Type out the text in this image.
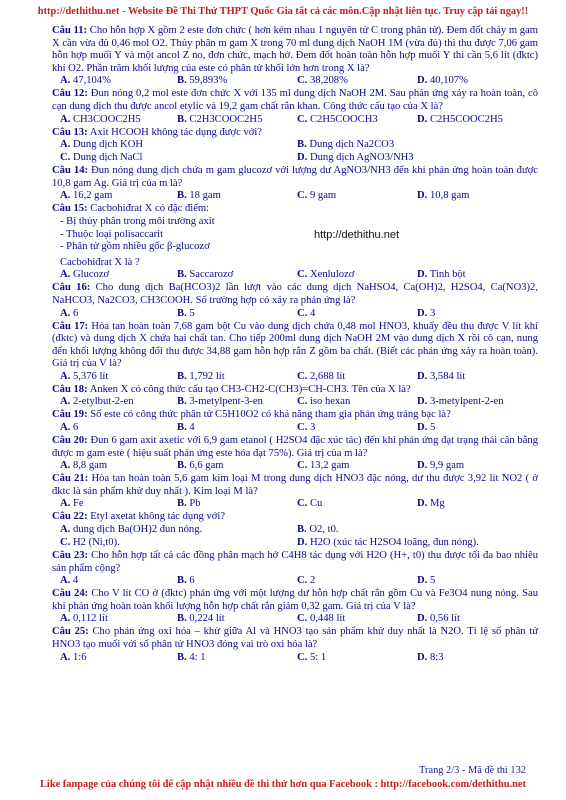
http://dethithu.net - Website Đề Thi Thử THPT Quốc Gia tất cả các môn.Cập nhật liên tục. Truy cập tải ngay!!

Câu 11: Cho hỗn hợp X gồm 2 este đơn chức ( hơn kém nhau 1 nguyên tử C trong phân tử). Đem đốt cháy m gam X cần vừa đủ 0,46 mol O2. Thủy phân m gam X trong 70 ml dung dịch NaOH 1M (vừa đủ) thì thu được 7,06 gam hỗn hợp muối Y và một ancol Z no, đơn chức, mạch hở. Đem đốt hoàn toàn hỗn hợp muối Y thì cần 5,6 lít (đktc) khí O2. Phần trăm khối lượng của este có phân tử khối lớn hơn trong X là?

A. 47,104%	B. 59,893%	C. 38,208%	D. 40,107%

Câu 12: Đun nóng 0,2 mol este đơn chức X với 135 ml dung dịch NaOH 2M. Sau phản ứng xảy ra hoàn toàn, cô cạn dung dịch thu được ancol etylic và 19,2 gam chất rắn khan. Công thức cấu tạo của X là?

A. CH3COOC2H5	B. C2H3COOC2H5	C. C2H5COOCH3	D. C2H5COOC2H5

Câu 13: Axit HCOOH không tác dụng được với?

A. Dung dịch KOH	B. Dung dịch Na2CO3
C. Dung dịch NaCl	D. Dung dịch AgNO3/NH3

Câu 14: Đun nóng dung dịch chứa m gam glucozơ với lượng dư AgNO3/NH3 đến khi phản ứng hoàn toàn được 10,8 gam Ag. Giá trị của m là?

A. 16,2 gam	B. 18 gam	C. 9 gam	D. 10,8 gam

Câu 15: Cacbohiđrat X có đặc điểm:

- Bị thủy phân trong môi trường axit

- Thuộc loại polisaccarit

- Phân tử gồm nhiều gốc β-glucozơ

http://dethithu.net

Cacbohiđrat X là ?

A. Glucozơ	B. Saccarozơ	C. Xenlulozơ	D. Tinh bột

Câu 16: Cho dung dịch Ba(HCO3)2 lần lượt vào các dung dịch NaHSO4, Ca(OH)2, H2SO4, Ca(NO3)2, NaHCO3, Na2CO3, CH3COOH. Số trường hợp có xảy ra phản ứng là?

A. 6	B. 5	C. 4	D. 3

Câu 17: Hòa tan hoàn toàn 7,68 gam bột Cu vào dung dịch chứa 0,48 mol HNO3, khuấy đều thu được V lít khí (đktc) và dung dịch X chứa hai chất tan. Cho tiếp 200ml dung dịch NaOH 2M vào dung dịch X rồi cô cạn, nung đến khối lượng không đổi thu được 34,88 gam hỗn hợp rắn Z gồm ba chất. (Biết các phản ứng xảy ra hoàn toàn). Giá trị của V là?

A. 5,376 lít	B. 1,792 lít	C. 2,688 lít	D. 3,584 lít

Câu 18: Anken X có công thức cấu tạo CH3-CH2-C(CH3)=CH-CH3. Tên của X là?

A. 2-etylbut-2-en	B. 3-metylpent-3-en	C. iso hexan	D. 3-metylpent-2-en

Câu 19: Số este có công thức phân tử C5H10O2 có khả năng tham gia phản ứng tráng bạc là?

A. 6	B. 4	C. 3	D. 5

Câu 20: Đun 6 gam axit axetic với 6,9 gam etanol ( H2SO4 đặc xúc tác) đến khi phản ứng đạt trạng thái cân bằng được m gam este ( hiệu suất phản ứng este hóa đạt 75%). Giá trị của m là?

A. 8,8 gam	B. 6,6 gam	C. 13,2 gam	D. 9,9 gam

Câu 21: Hòa tan hoàn toàn 5,6 gam kim loại M trong dung dịch HNO3 đặc nóng, dư thu được 3,92 lít NO2 ( ở đktc là sản phẩm khử duy nhất ). Kim loại M là?

A. Fe	B. Pb	C. Cu	D. Mg

Câu 22: Etyl axetat không tác dụng với?

A. dung dịch Ba(OH)2 đun nóng.	B. O2, t0.
C. H2 (Ni,t0).	D. H2O (xúc tác H2SO4 loãng, đun nóng).

Câu 23: Cho hỗn hợp tất cả các đồng phân mạch hở C4H8 tác dụng với H2O (H+, t0) thu được tối đa bao nhiêu sản phẩm cộng?

A. 4	B. 6	C. 2	D. 5

Câu 24: Cho V lít CO ở (đktc) phản ứng với một lượng dư hỗn hợp chất rắn gồm Cu và Fe3O4 nung nóng. Sau khi phản ứng hoàn toàn khối lượng hỗn hợp chất rắn giảm 0,32 gam. Giá trị của V là?

A. 0,112 lít	B. 0,224 lít	C. 0,448 lít	D. 0,56 lít

Câu 25: Cho phản ứng oxi hóa – khử giữa Al và HNO3 tạo sản phẩm khử duy nhất là N2O. Tỉ lệ số phân tử HNO3 tạo muối với số phân tử HNO3 đóng vai trò oxi hóa là?

A. 1:6	B. 4: 1	C. 5: 1	D. 8:3
Trang 2/3 - Mã đề thi 132
Like fanpage của chúng tôi để cập nhật nhiều đề thi thử hơn qua Facebook : http://facebook.com/dethithu.net
